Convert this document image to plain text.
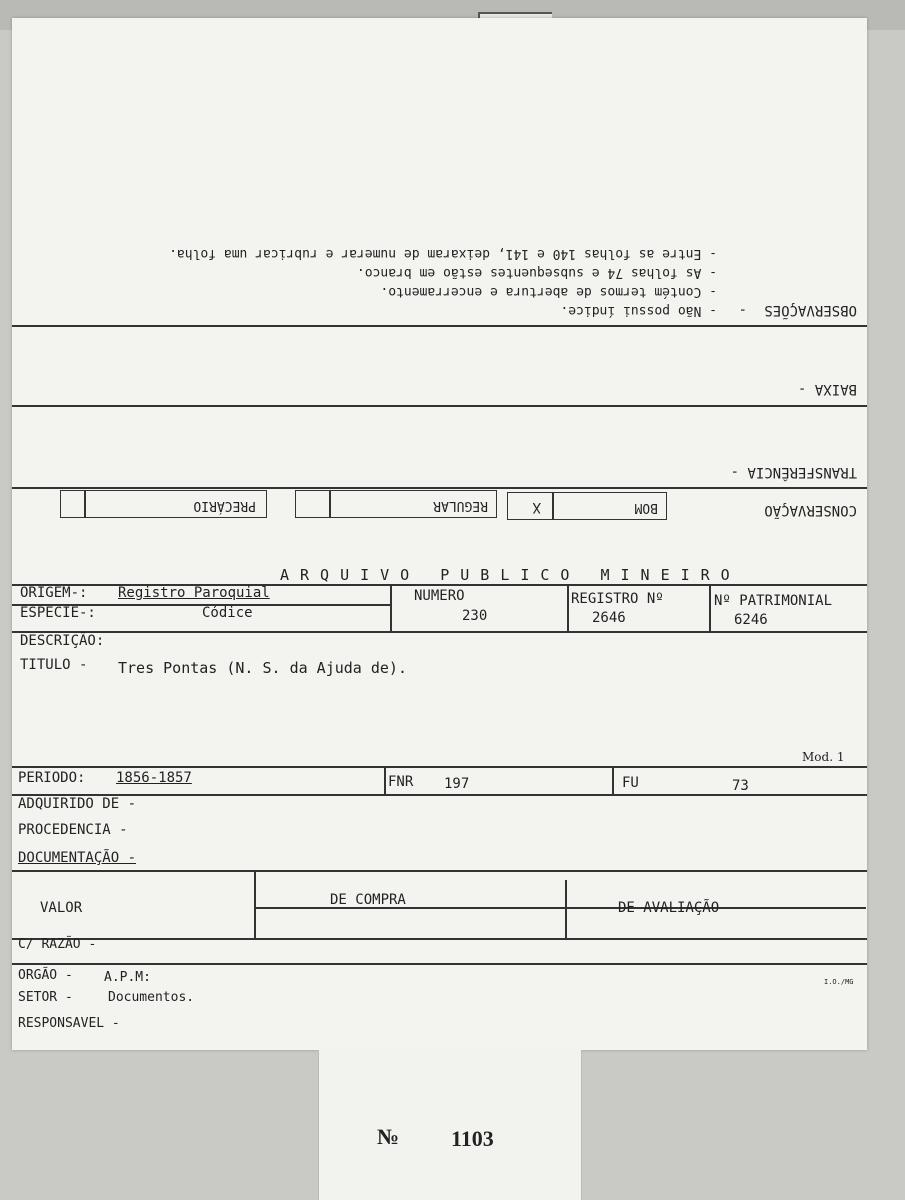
CONSERVAÇÃO
BOM
X
REGULAR
PRECÁRIO
TRANSFERÊNCIA -
BAIXA -
OBSERVAÇÕES
-
- Não possui índice.
- Contém termos de abertura e encerramento.
- As folhas 74 e subsequentes estão em branco.
- Entre as folhas 140 e 141, deixaram de numerar e rubricar uma folha.
ARQUIVO PUBLICO MINEIRO
ORIGEM-: Registro Paroquial
ESPECIE-:	Códice
NUMERO
230
REGISTRO Nº
2646
Nº PATRIMONIAL
6246
DESCRIÇÃO:
TITULO - Tres Pontas (N. S. da Ajuda de).
Mod. 1
PERIODO: 1856-1857	FNR 197	FU	73
ADQUIRIDO DE -
PROCEDENCIA -
DOCUMENTAÇÃO -
VALOR	DE COMPRA	DE AVALIAÇÃO
C/ RAZÃO -
ORGÃO - A.P.M:	I.O./MG
SETOR -	Documentos.
RESPONSAVEL -
№ 1103
